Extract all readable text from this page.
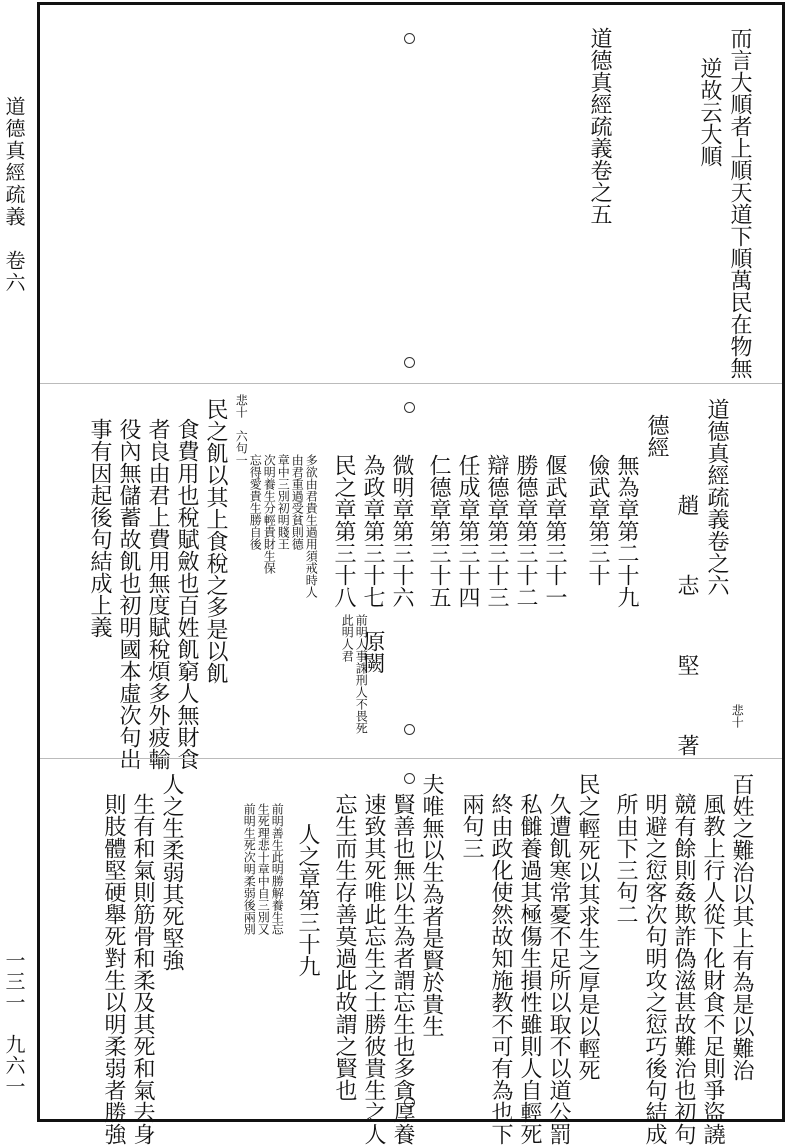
道德真經疏義　卷六
一三一　九六一
而言大順者上順天道下順萬民在物無
逆故云大順
道德真經疏義卷之五
道德真經疏義卷之六
趙　志　堅　著	悲十
德經
無為章第二十九
儉武章第三十
偃武章第三十一
勝德章第三十二
辯德章第三十三
任成章第三十四
仁德章第三十五
微明章第三十六
為政章第三十七　原闕
民之章第三十八
前明人事誅刑人不畏死
此明人君
多欲由君貴生過用須戒時人
由君重過受貧則德
章中三別初明賤王
次明養生分輕貴財生保
忘得愛貴生勝自後
悲十　六句一
民之飢以其上食稅之多是以飢
食費用也稅賦斂也百姓飢窮人無財食
者良由君上費用無度賦稅煩多外疲輸
役內無儲蓄故飢也初明國本虛次句出
事有因起後句結成上義
百姓之難治以其上有為是以難治
風教上行人從下化財食不足則爭盜譊
競有餘則姦欺詐偽滋甚故難治也初句
明避之愆客次句明攻之愆巧後句結成
所由下三句二
民之輕死以其求生之厚是以輕死
久遭飢寒常憂不足所以取不以道公罰
私雠養過其極傷生損性雖則人自輕死
終由政化使然故知施教不可有為也下
兩句三
夫唯無以生為者是賢於貴生
賢善也無以生為者謂忘生也多貪厚養
速致其死唯此忘生之士勝彼貴生之人
忘生而生存善莫過此故謂之賢也
人之章第三十九
前明善生此明勝解養生忘
生死理悲十章中自三別又
前明生死次明柔弱後兩別
人之生柔弱其死堅強
生有和氣則筋骨和柔及其死和氣去身
則肢體堅硬舉死對生以明柔弱者勝強
